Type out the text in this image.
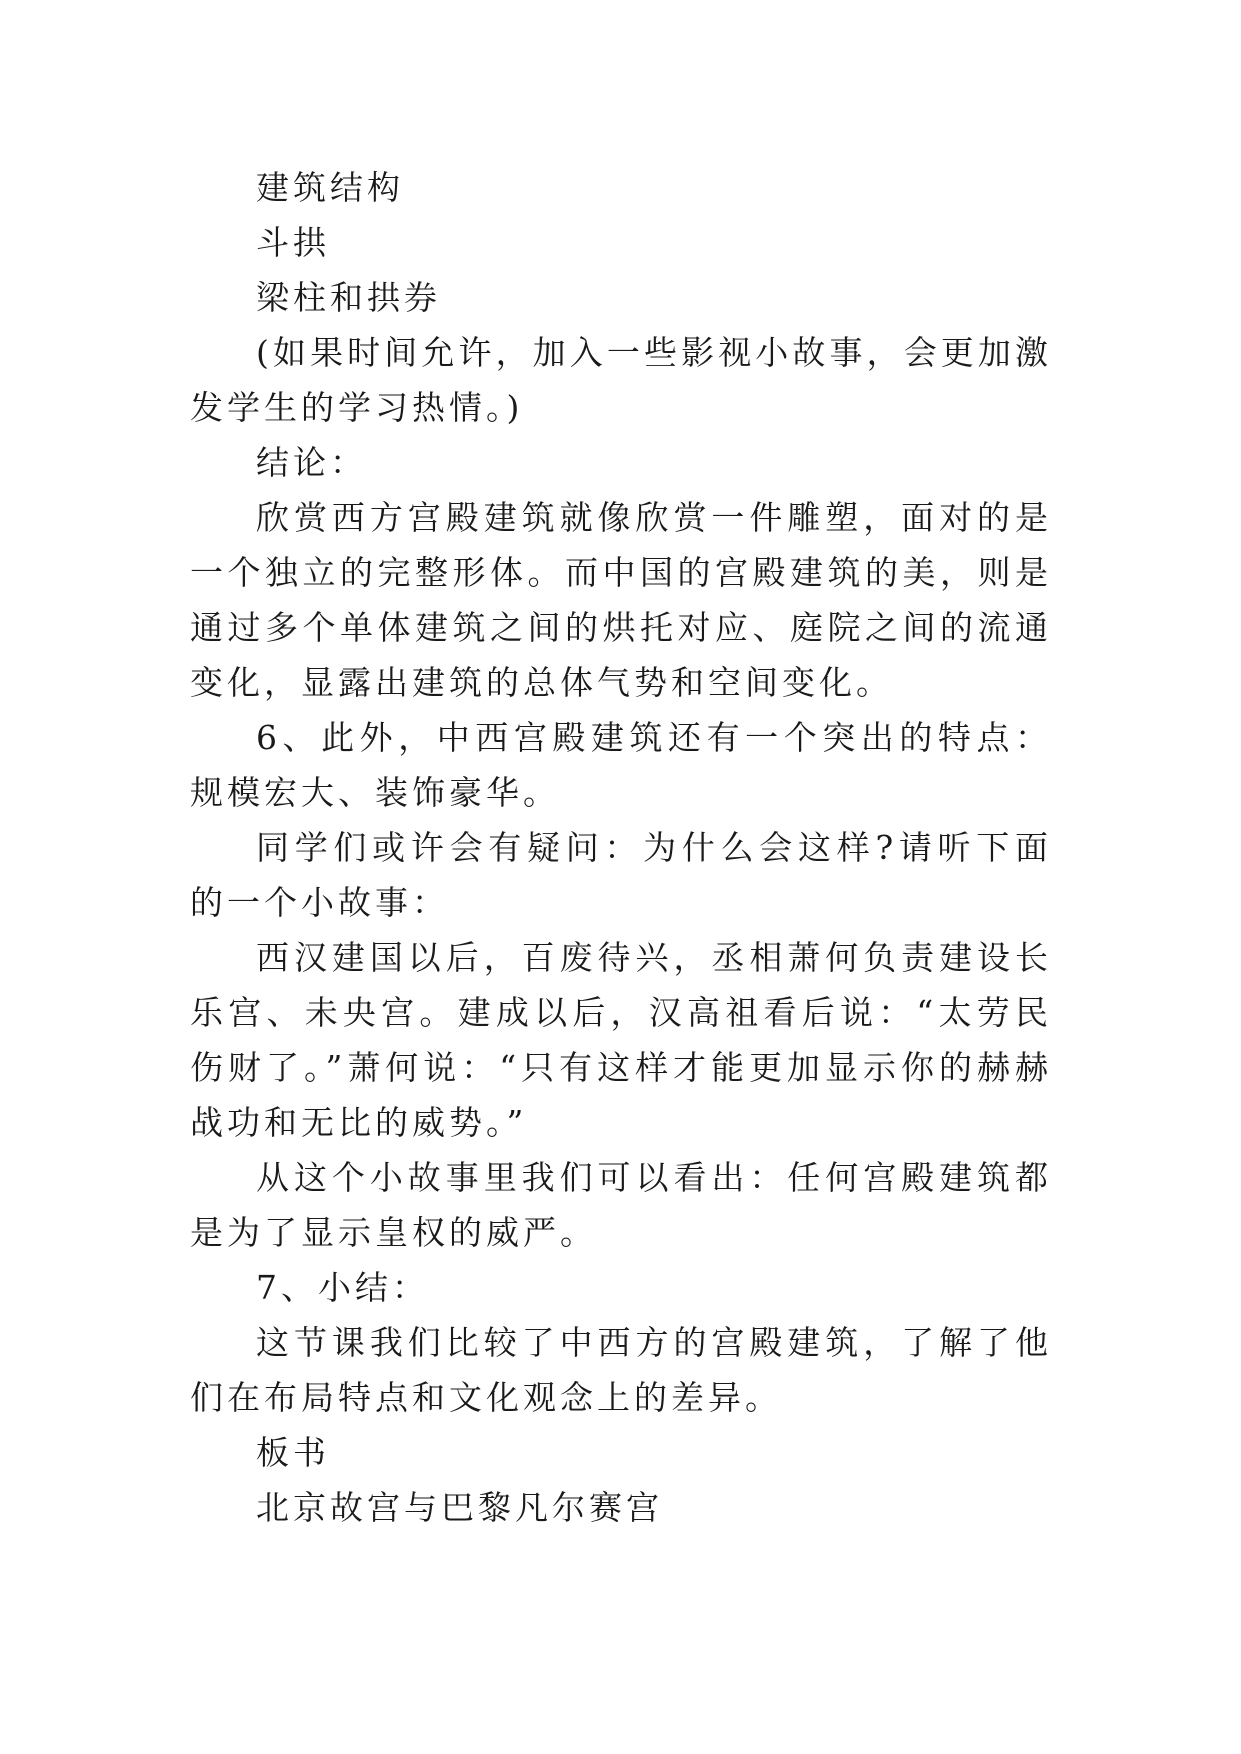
建筑结构

斗拱

梁柱和拱券

(如果时间允许，加入一些影视小故事，会更加激发学生的学习热情。)

结论：

欣赏西方宫殿建筑就像欣赏一件雕塑，面对的是一个独立的完整形体。而中国的宫殿建筑的美，则是通过多个单体建筑之间的烘托对应、庭院之间的流通变化，显露出建筑的总体气势和空间变化。

6、此外，中西宫殿建筑还有一个突出的特点：规模宏大、装饰豪华。

同学们或许会有疑问：为什么会这样?请听下面的一个小故事：

西汉建国以后，百废待兴，丞相萧何负责建设长乐宫、未央宫。建成以后，汉高祖看后说：“太劳民伤财了。”萧何说：“只有这样才能更加显示你的赫赫战功和无比的威势。”

从这个小故事里我们可以看出：任何宫殿建筑都是为了显示皇权的威严。

7、小结：

这节课我们比较了中西方的宫殿建筑，了解了他们在布局特点和文化观念上的差异。

板书

北京故宫与巴黎凡尔赛宫
